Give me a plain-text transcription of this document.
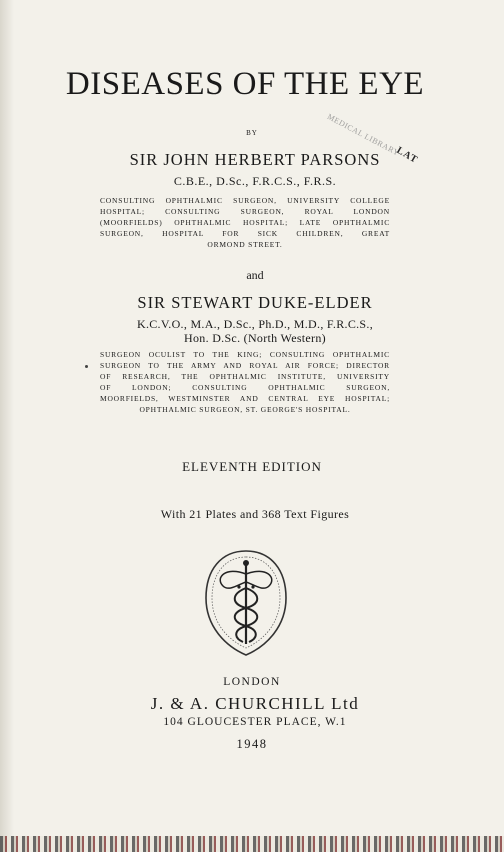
DISEASES OF THE EYE
MEDICAL LIBRARY
LAT
BY
SIR JOHN HERBERT PARSONS
C.B.E., D.Sc., F.R.C.S., F.R.S.
CONSULTING OPHTHALMIC SURGEON, UNIVERSITY COLLEGE
HOSPITAL; CONSULTING SURGEON, ROYAL LONDON
(MOORFIELDS) OPHTHALMIC HOSPITAL; LATE OPHTHALMIC
SURGEON, HOSPITAL FOR SICK CHILDREN, GREAT
ORMOND STREET.
and
SIR STEWART DUKE-ELDER
K.C.V.O., M.A., D.Sc., Ph.D., M.D., F.R.C.S.,
Hon. D.Sc. (North Western)
SURGEON OCULIST TO THE KING; CONSULTING OPHTHALMIC
SURGEON TO THE ARMY AND ROYAL AIR FORCE; DIRECTOR
OF RESEARCH, THE OPHTHALMIC INSTITUTE, UNIVERSITY
OF LONDON; CONSULTING OPHTHALMIC SURGEON,
MOORFIELDS, WESTMINSTER AND CENTRAL EYE HOSPITAL;
OPHTHALMIC SURGEON, ST. GEORGE'S HOSPITAL.
ELEVENTH EDITION
With 21 Plates and 368 Text Figures
LONDON
J. & A. CHURCHILL Ltd
104 GLOUCESTER PLACE, W.1
1948
